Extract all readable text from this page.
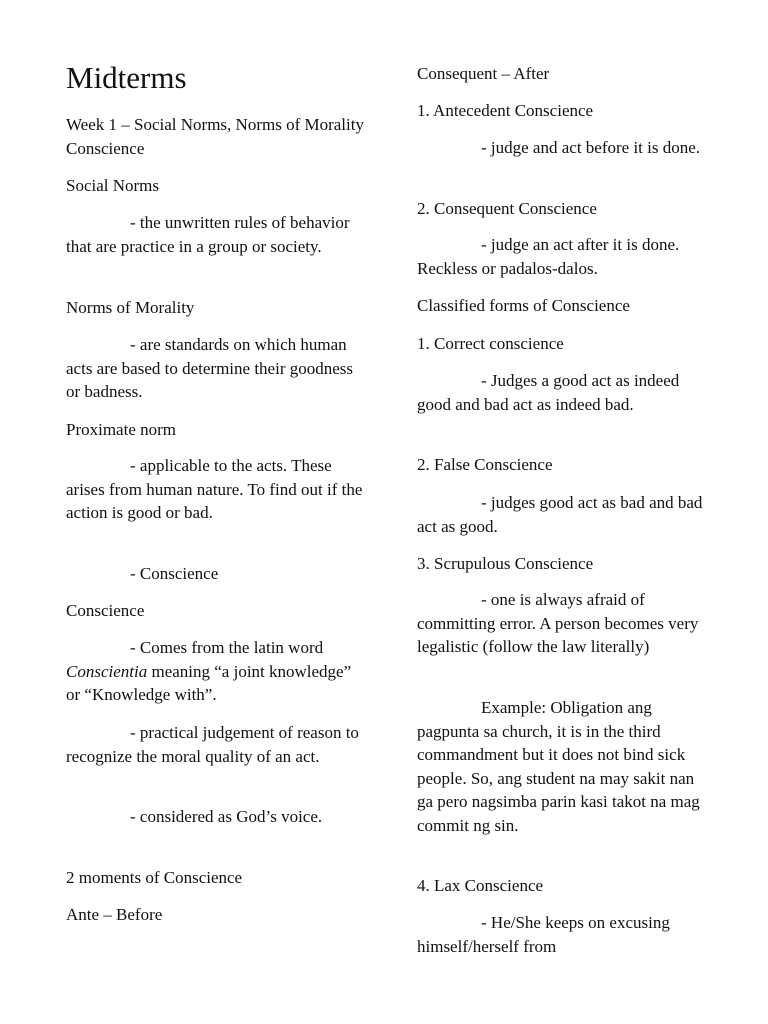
Midterms

Week 1 – Social Norms, Norms of Morality Conscience

Social Norms

- the unwritten rules of behavior that are practice in a group or society.

Norms of Morality

- are standards on which human acts are based to determine their goodness or badness.

Proximate norm

- applicable to the acts. These arises from human nature. To find out if the action is good or bad.

- Conscience

Conscience

- Comes from the latin word Conscientia meaning “a joint knowledge” or “Knowledge with”.

- practical judgement of reason to recognize the moral quality of an act.

- considered as God’s voice.

2 moments of Conscience

Ante – Before

Consequent – After

1. Antecedent Conscience

- judge and act before it is done.

2. Consequent Conscience

- judge an act after it is done. Reckless or padalos-dalos.

Classified forms of Conscience

1. Correct conscience

- Judges a good act as indeed good and bad act as indeed bad.

2. False Conscience

- judges good act as bad and bad act as good.

3. Scrupulous Conscience

- one is always afraid of committing error. A person becomes very legalistic (follow the law literally)

Example: Obligation ang pagpunta sa church, it is in the third commandment but it does not bind sick people. So, ang student na may sakit nan ga pero nagsimba parin kasi takot na mag commit ng sin.

4. Lax Conscience

- He/She keeps on excusing himself/herself from
